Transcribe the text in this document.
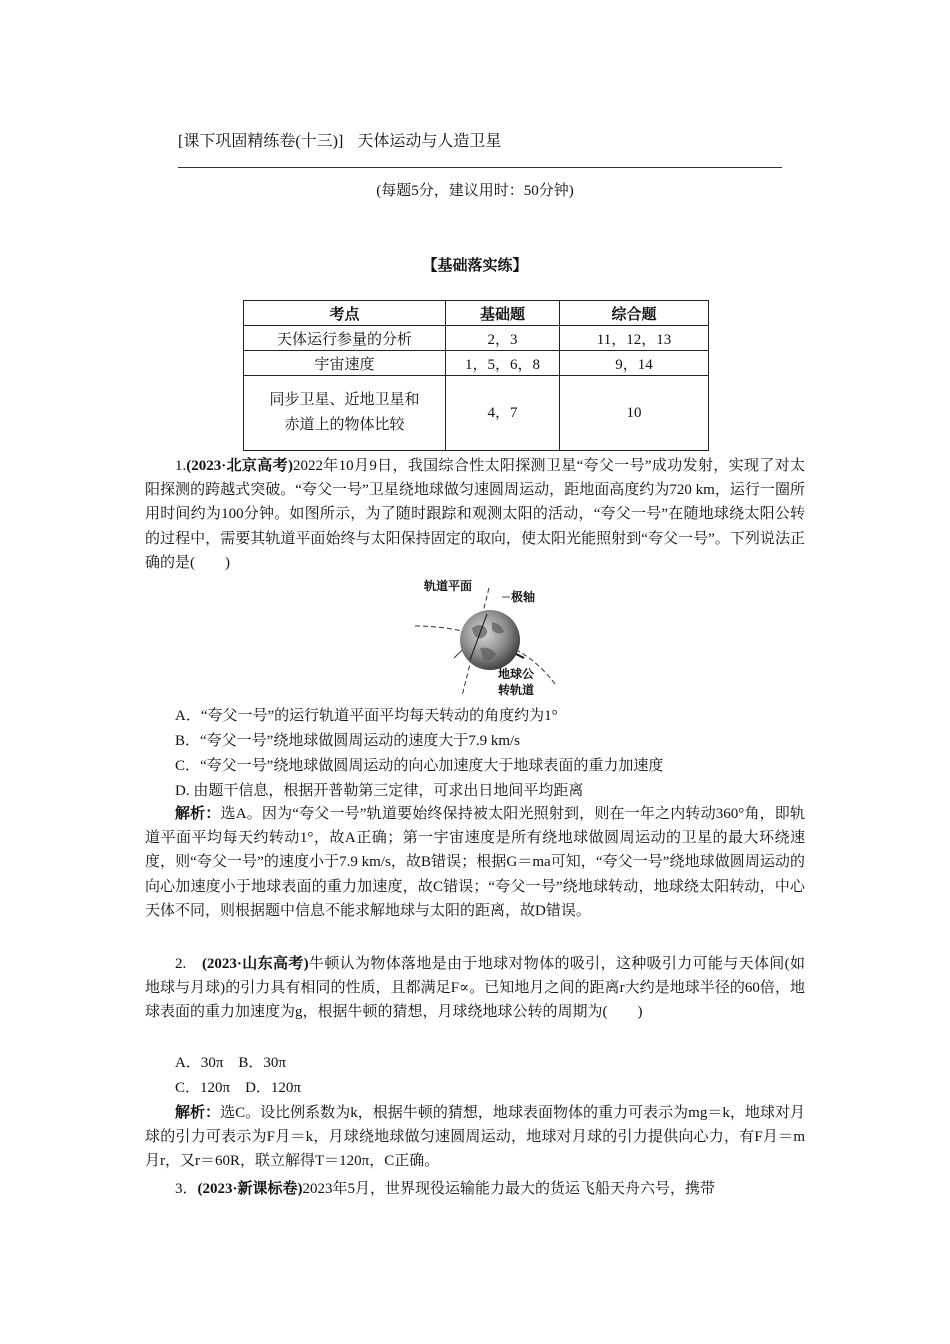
[课下巩固精练卷(十三)] 天体运动与人造卫星
(每题5分，建议用时：50分钟)
【基础落实练】
考点	基础题	综合题
天体运行参量的分析	2，3	11，12，13
宇宙速度	1，5，6，8	9，14
同步卫星、近地卫星和
赤道上的物体比较	4，7	10
1.(2023·北京高考)2022年10月9日，我国综合性太阳探测卫星“夸父一号”成功发射，实现了对太阳探测的跨越式突破。“夸父一号”卫星绕地球做匀速圆周运动，距地面高度约为720 km，运行一圈所用时间约为100分钟。如图所示，为了随时跟踪和观测太阳的活动，“夸父一号”在随地球绕太阳公转的过程中，需要其轨道平面始终与太阳保持固定的取向，使太阳光能照射到“夸父一号”。下列说法正确的是(　　)
轨道平面
极轴
地球公
转轨道
A．“夸父一号”的运行轨道平面平均每天转动的角度约为1°
B．“夸父一号”绕地球做圆周运动的速度大于7.9 km/s
C．“夸父一号”绕地球做圆周运动的向心加速度大于地球表面的重力加速度
D. 由题干信息，根据开普勒第三定律，可求出日地间平均距离
解析：选A。因为“夸父一号”轨道要始终保持被太阳光照射到，则在一年之内转动360°角，即轨道平面平均每天约转动1°，故A正确；第一宇宙速度是所有绕地球做圆周运动的卫星的最大环绕速度，则“夸父一号”的速度小于7.9 km/s，故B错误；根据G＝ma可知，“夸父一号”绕地球做圆周运动的向心加速度小于地球表面的重力加速度，故C错误；“夸父一号”绕地球转动，地球绕太阳转动，中心天体不同，则根据题中信息不能求解地球与太阳的距离，故D错误。
2.　(2023·山东高考)牛顿认为物体落地是由于地球对物体的吸引，这种吸引力可能与天体间(如地球与月球)的引力具有相同的性质，且都满足F∝。已知地月之间的距离r大约是地球半径的60倍，地球表面的重力加速度为g，根据牛顿的猜想，月球绕地球公转的周期为(　　)
A．30π　B．30π
C．120π　D．120π
解析：选C。设比例系数为k，根据牛顿的猜想，地球表面物体的重力可表示为mg＝k，地球对月球的引力可表示为F月＝k，月球绕地球做匀速圆周运动，地球对月球的引力提供向心力，有F月＝m月r，又r＝60R，联立解得T＝120π，C正确。
3．(2023·新课标卷)2023年5月，世界现役运输能力最大的货运飞船天舟六号，携带
